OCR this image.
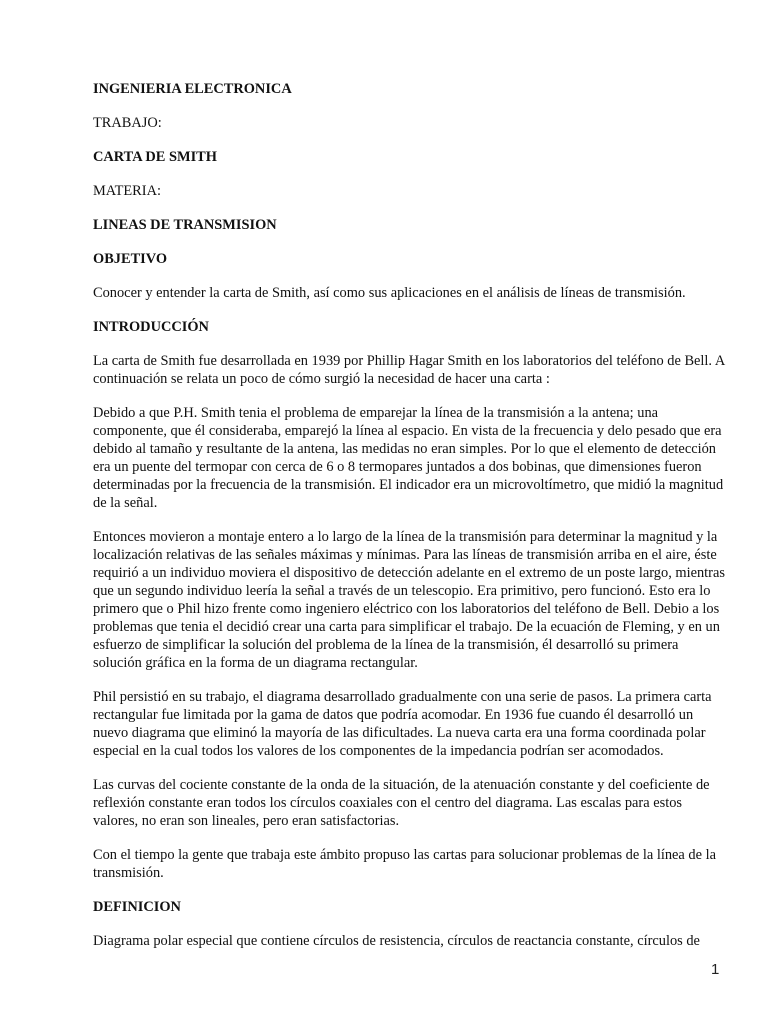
INGENIERIA ELECTRONICA

TRABAJO:

CARTA DE SMITH

MATERIA:

LINEAS DE TRANSMISION

OBJETIVO

Conocer y entender la carta de Smith, así como sus aplicaciones en el análisis de líneas de transmisión.

INTRODUCCIÓN

La carta de Smith fue desarrollada en 1939 por Phillip Hagar Smith en los laboratorios del teléfono de Bell. A continuación se relata un poco de cómo surgió la necesidad de hacer una carta :

Debido a que P.H. Smith tenia el problema de emparejar la línea de la transmisión a la antena; una componente, que él consideraba, emparejó la línea al espacio. En vista de la frecuencia y delo pesado que era debido al tamaño y resultante de la antena, las medidas no eran simples. Por lo que el elemento de detección era un puente del termopar con cerca de 6 o 8 termopares juntados a dos bobinas, que dimensiones fueron determinadas por la frecuencia de la transmisión. El indicador era un microvoltímetro, que midió la magnitud de la señal.

Entonces movieron a montaje entero a lo largo de la línea de la transmisión para determinar la magnitud y la localización relativas de las señales máximas y mínimas. Para las líneas de transmisión arriba en el aire, éste requirió a un individuo moviera el dispositivo de detección adelante en el extremo de un poste largo, mientras que un segundo individuo leería la señal a través de un telescopio. Era primitivo, pero funcionó. Esto era lo primero que o Phil hizo frente como ingeniero eléctrico con los laboratorios del teléfono de Bell. Debio a los problemas que tenia el decidió crear una carta para simplificar el trabajo. De la ecuación de Fleming, y en un esfuerzo de simplificar la solución del problema de la línea de la transmisión, él desarrolló su primera solución gráfica en la forma de un diagrama rectangular.

Phil persistió en su trabajo, el diagrama desarrollado gradualmente con una serie de pasos. La primera carta rectangular fue limitada por la gama de datos que podría acomodar. En 1936 fue cuando él desarrolló un nuevo diagrama que eliminó la mayoría de las dificultades. La nueva carta era una forma coordinada polar especial en la cual todos los valores de los componentes de la impedancia podrían ser acomodados.

Las curvas del cociente constante de la onda de la situación, de la atenuación constante y del coeficiente de reflexión constante eran todos los círculos coaxiales con el centro del diagrama. Las escalas para estos valores, no eran son lineales, pero eran satisfactorias.

Con el tiempo la gente que trabaja este ámbito propuso las cartas para solucionar problemas de la línea de la transmisión.

DEFINICION

Diagrama polar especial que contiene círculos de resistencia, círculos de reactancia constante, círculos de

1
